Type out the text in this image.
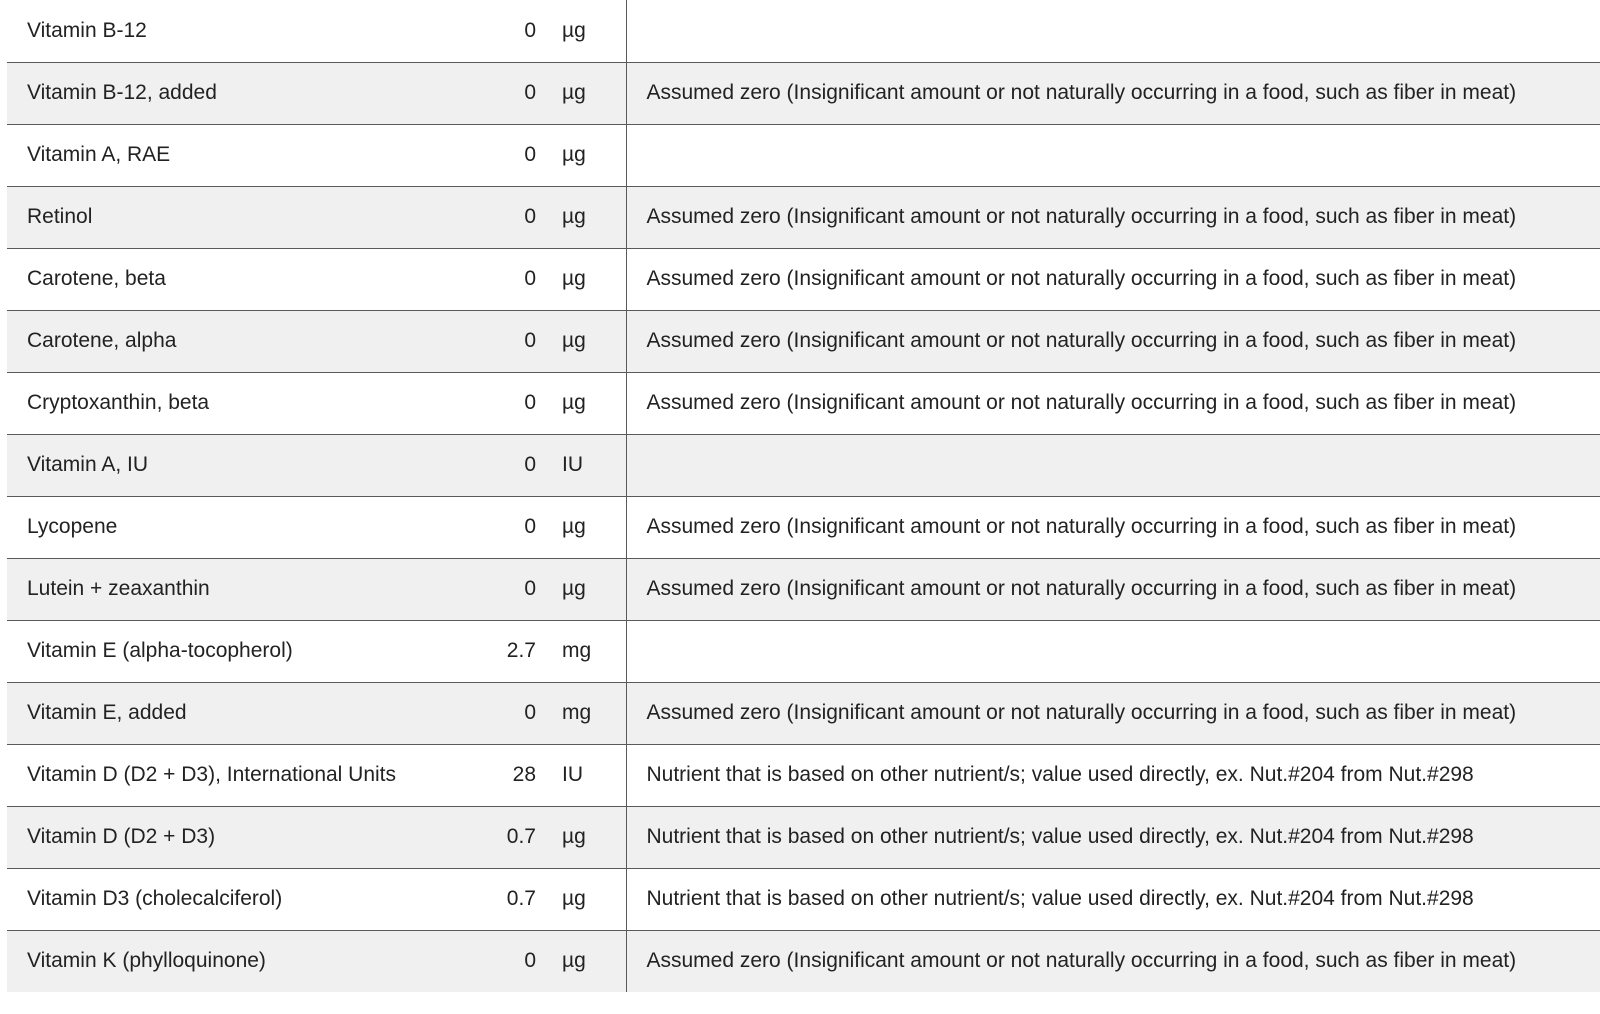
Vitamin B-12	0	µg	
Vitamin B-12, added	0	µg	Assumed zero (Insignificant amount or not naturally occurring in a food, such as fiber in meat)
Vitamin A, RAE	0	µg	
Retinol	0	µg	Assumed zero (Insignificant amount or not naturally occurring in a food, such as fiber in meat)
Carotene, beta	0	µg	Assumed zero (Insignificant amount or not naturally occurring in a food, such as fiber in meat)
Carotene, alpha	0	µg	Assumed zero (Insignificant amount or not naturally occurring in a food, such as fiber in meat)
Cryptoxanthin, beta	0	µg	Assumed zero (Insignificant amount or not naturally occurring in a food, such as fiber in meat)
Vitamin A, IU	0	IU	
Lycopene	0	µg	Assumed zero (Insignificant amount or not naturally occurring in a food, such as fiber in meat)
Lutein + zeaxanthin	0	µg	Assumed zero (Insignificant amount or not naturally occurring in a food, such as fiber in meat)
Vitamin E (alpha-tocopherol)	2.7	mg	
Vitamin E, added	0	mg	Assumed zero (Insignificant amount or not naturally occurring in a food, such as fiber in meat)
Vitamin D (D2 + D3), International Units	28	IU	Nutrient that is based on other nutrient/s; value used directly, ex. Nut.#204 from Nut.#298
Vitamin D (D2 + D3)	0.7	µg	Nutrient that is based on other nutrient/s; value used directly, ex. Nut.#204 from Nut.#298
Vitamin D3 (cholecalciferol)	0.7	µg	Nutrient that is based on other nutrient/s; value used directly, ex. Nut.#204 from Nut.#298
Vitamin K (phylloquinone)	0	µg	Assumed zero (Insignificant amount or not naturally occurring in a food, such as fiber in meat)
